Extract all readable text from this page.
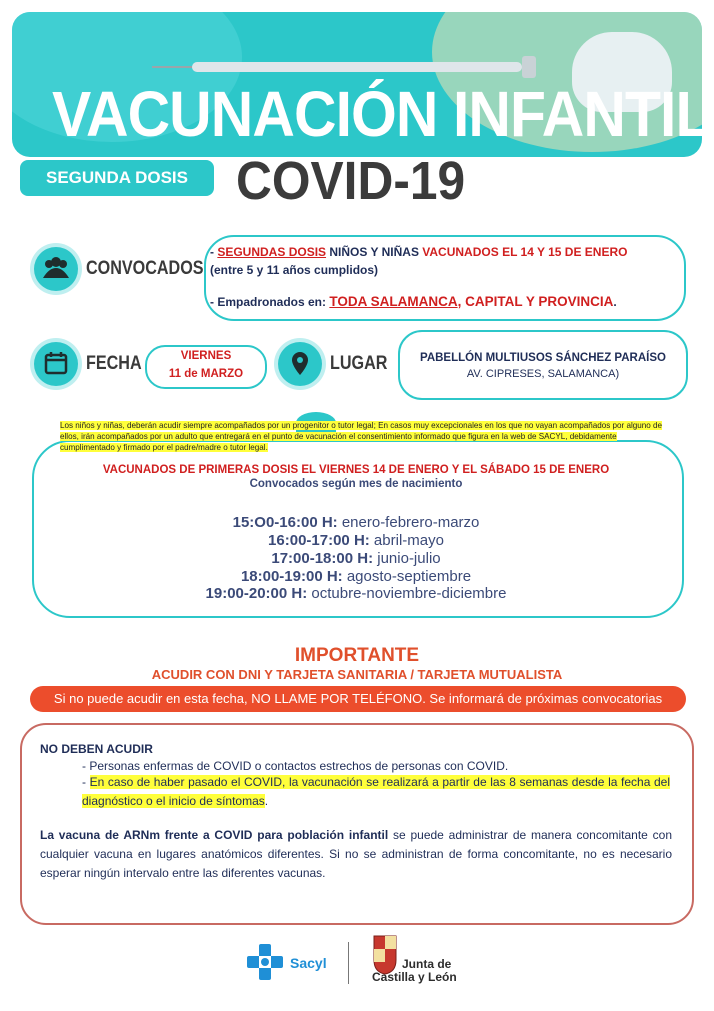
VACUNACIÓN INFANTIL
SEGUNDA DOSIS COVID-19
CONVOCADOS
- SEGUNDAS DOSIS NIÑOS Y NIÑAS VACUNADOS EL 14 Y 15 DE ENERO
(entre 5 y 11 años cumplidos)
- Empadronados en: TODA SALAMANCA, CAPITAL Y PROVINCIA.
FECHA	VIERNES
11 de MARZO	LUGAR	PABELLÓN MULTIUSOS SÁNCHEZ PARAÍSO
AV. CIPRESES, SALAMANCA)
Los niños y niñas, deberán acudir siempre acompañados por un progenitor o tutor legal; En casos muy excepcionales en los que no vayan acompañados por alguno de ellos, irán acompañados por un adulto que entregará en el punto de vacunación el consentimiento informado que figura en la web de SACYL, debidamente cumplimentado y firmado por el padre/madre o tutor legal.
VACUNADOS DE PRIMERAS DOSIS EL VIERNES 14 DE ENERO Y EL SÁBADO 15 DE ENERO
Convocados según mes de nacimiento
15:O0-16:00 H: enero-febrero-marzo
16:00-17:00 H: abril-mayo
17:00-18:00 H: junio-julio
18:00-19:00 H: agosto-septiembre
19:00-20:00 H: octubre-noviembre-diciembre
IMPORTANTE
ACUDIR CON DNI Y TARJETA SANITARIA / TARJETA MUTUALISTA
Si no puede acudir en esta fecha, NO LLAME POR TELÉFONO. Se informará de próximas convocatorias
NO DEBEN ACUDIR
- Personas enfermas de COVID o contactos estrechos de personas con COVID.
- En caso de haber pasado el COVID, la vacunación se realizará a partir de las 8 semanas desde la fecha del diagnóstico o el inicio de síntomas.
La vacuna de ARNm frente a COVID para población infantil se puede administrar de manera concomitante con cualquier vacuna en lugares anatómicos diferentes. Si no se administran de forma concomitante, no es necesario esperar ningún intervalo entre las diferentes vacunas.
Sacyl	Junta de
Castilla y León
